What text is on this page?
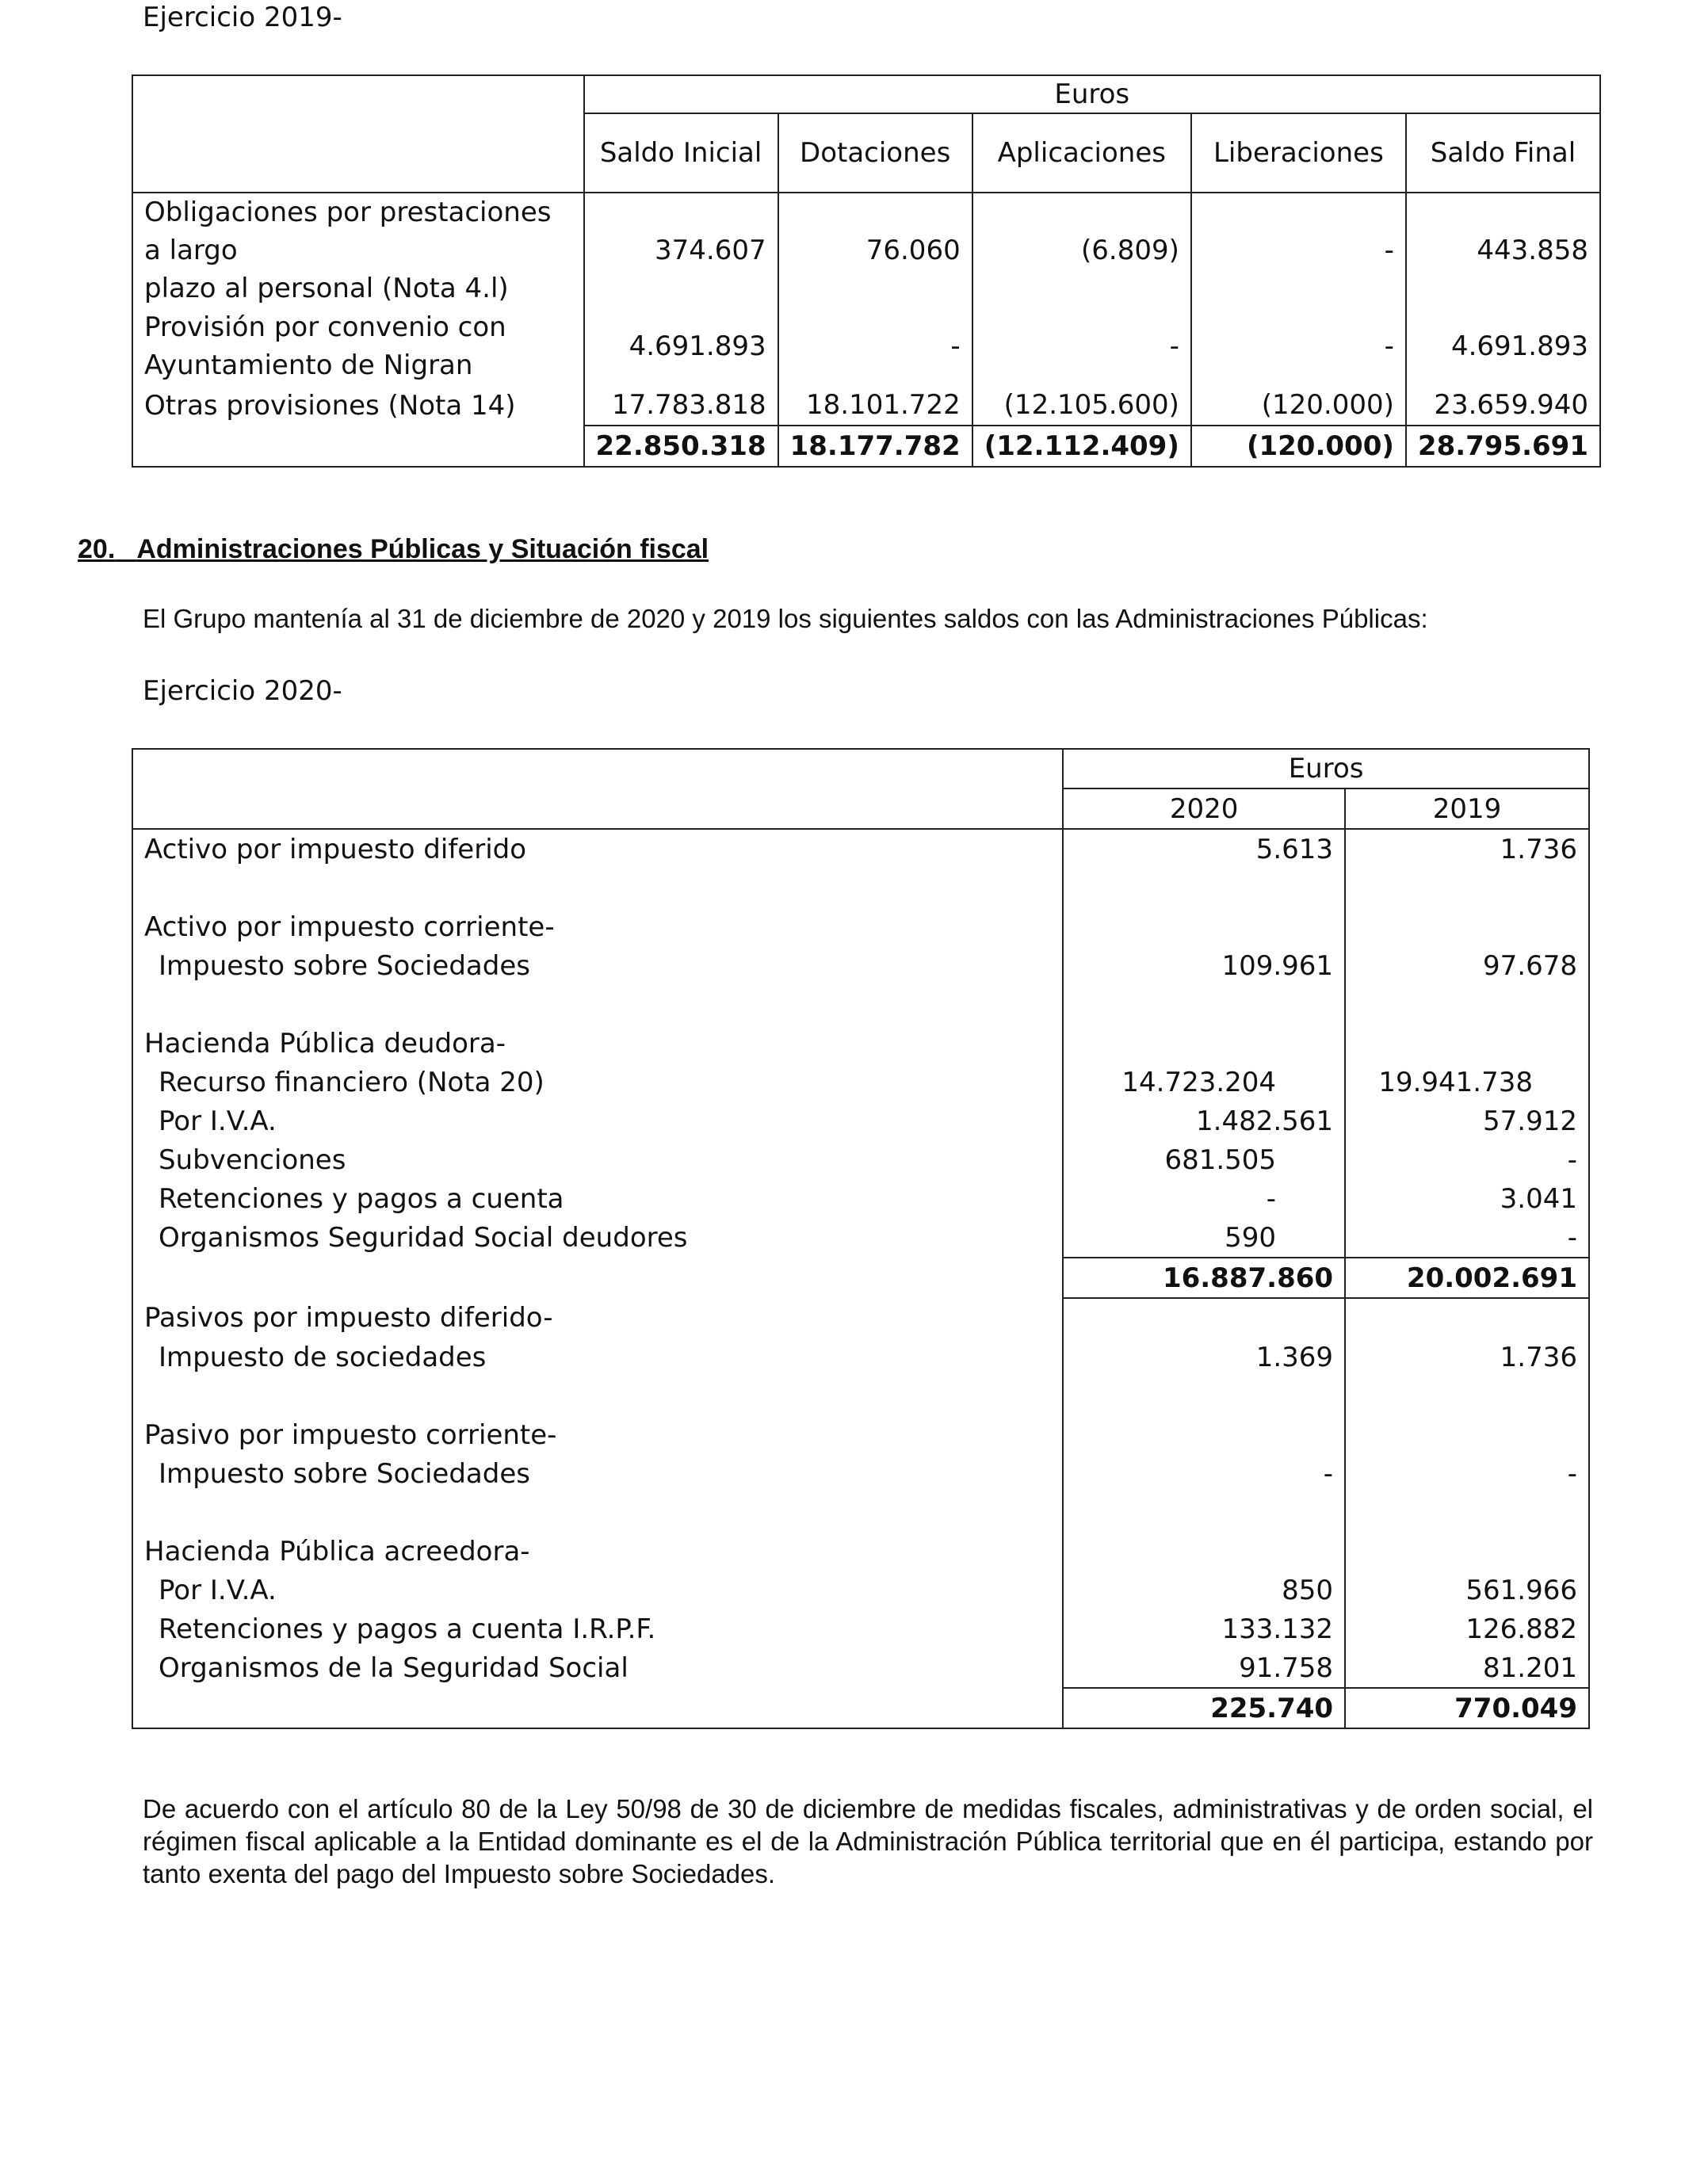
Ejercicio 2019-
	Euros				
	Saldo Inicial	Dotaciones	Aplicaciones	Liberaciones	Saldo Final

Obligaciones por prestaciones a largo
plazo al personal (Nota 4.l)	374.607	76.060	(6.809)	-	443.858

Provisión por convenio con
Ayuntamiento de Nigran	4.691.893	-	-	-	4.691.893
Otras provisiones (Nota 14)	17.783.818	18.101.722	(12.105.600)	(120.000)	23.659.940
	22.850.318	18.177.782	(12.112.409)	(120.000)	28.795.691
20. Administraciones Públicas y Situación fiscal
El Grupo mantenía al 31 de diciembre de 2020 y 2019 los siguientes saldos con las Administraciones Públicas:
Ejercicio 2020-
	Euros	
	2020	2019
Activo por impuesto diferido	5.613	1.736

Activo por impuesto corriente-		
Impuesto sobre Sociedades	109.961	97.678

Hacienda Pública deudora-		
Recurso financiero (Nota 20)	14.723.204	19.941.738
Por I.V.A.	1.482.561	57.912
Subvenciones	681.505	-
Retenciones y pagos a cuenta	-	3.041
Organismos Seguridad Social deudores	590	-
	16.887.860	20.002.691
Pasivos por impuesto diferido-		
Impuesto de sociedades	1.369	1.736

Pasivo por impuesto corriente-		
Impuesto sobre Sociedades	-	-

Hacienda Pública acreedora-		
Por I.V.A.	850	561.966
Retenciones y pagos a cuenta I.R.P.F.	133.132	126.882
Organismos de la Seguridad Social	91.758	81.201
	225.740	770.049
De acuerdo con el artículo 80 de la Ley 50/98 de 30 de diciembre de medidas fiscales, administrativas y de orden social, el régimen fiscal aplicable a la Entidad dominante es el de la Administración Pública territorial que en él participa, estando por tanto exenta del pago del Impuesto sobre Sociedades.
